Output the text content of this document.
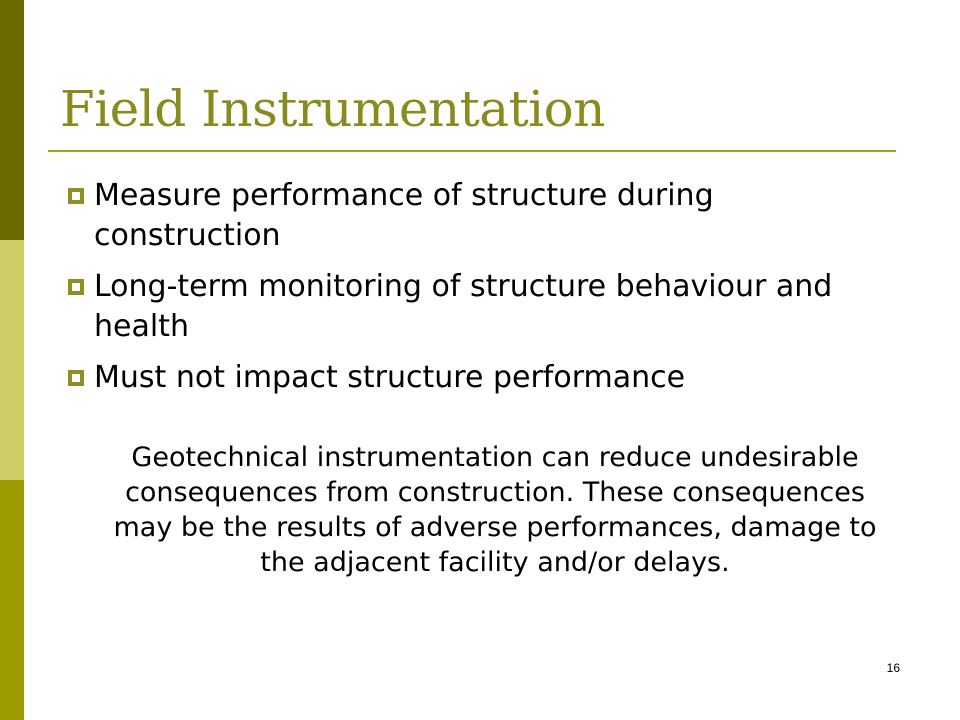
Field Instrumentation
Measure performance of structure during construction
Long-term monitoring of structure behaviour and health
Must not impact structure performance

Geotechnical instrumentation can reduce undesirable consequences from construction. These consequences may be the results of adverse performances, damage to the adjacent facility and/or delays.

16
